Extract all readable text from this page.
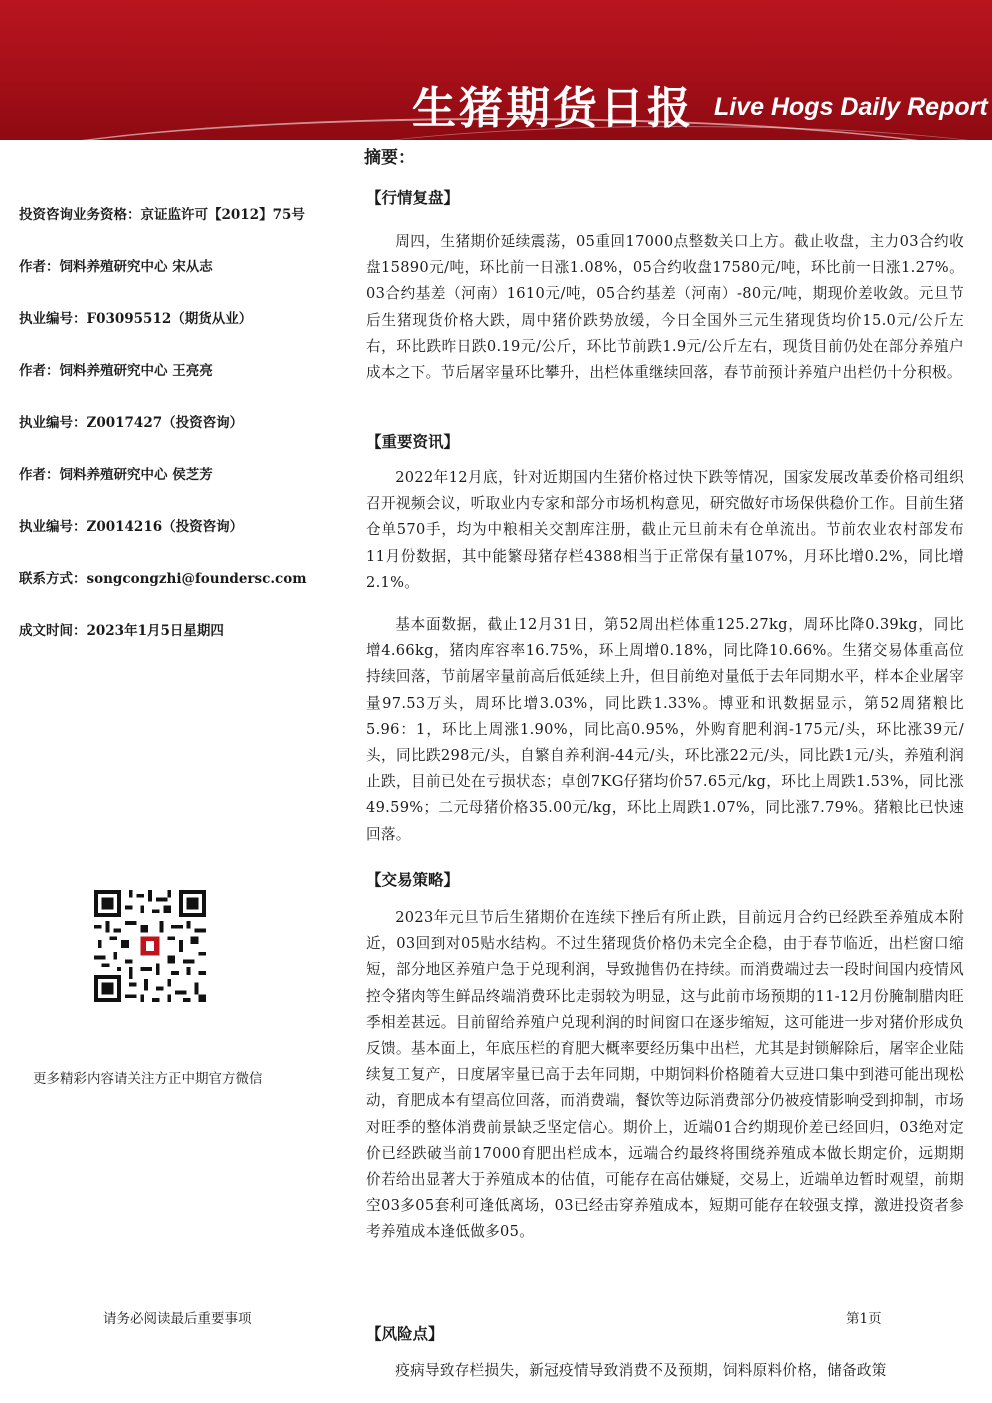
生猪期货日报 Live Hogs Daily Report
投资咨询业务资格：京证监许可【2012】75号
作者：饲料养殖研究中心 宋从志
执业编号：F03095512（期货从业）
作者：饲料养殖研究中心 王亮亮
执业编号：Z0017427（投资咨询）
作者：饲料养殖研究中心 侯芝芳
执业编号：Z0014216（投资咨询）
联系方式：songcongzhi@foundersc.com
成文时间：2023年1月5日星期四
更多精彩内容请关注方正中期官方微信
请务必阅读最后重要事项
摘要：
【行情复盘】
周四，生猪期价延续震荡，05重回17000点整数关口上方。截止收盘，主力03合约收盘15890元/吨，环比前一日涨1.08%，05合约收盘17580元/吨，环比前一日涨1.27%。03合约基差（河南）1610元/吨，05合约基差（河南）-80元/吨，期现价差收敛。元旦节后生猪现货价格大跌，周中猪价跌势放缓，今日全国外三元生猪现货均价15.0元/公斤左右，环比跌昨日跌0.19元/公斤，环比节前跌1.9元/公斤左右，现货目前仍处在部分养殖户成本之下。节后屠宰量环比攀升，出栏体重继续回落，春节前预计养殖户出栏仍十分积极。
【重要资讯】
2022年12月底，针对近期国内生猪价格过快下跌等情况，国家发展改革委价格司组织召开视频会议，听取业内专家和部分市场机构意见，研究做好市场保供稳价工作。目前生猪仓单570手，均为中粮相关交割库注册，截止元旦前未有仓单流出。节前农业农村部发布11月份数据，其中能繁母猪存栏4388相当于正常保有量107%，月环比增0.2%，同比增2.1%。
基本面数据，截止12月31日，第52周出栏体重125.27kg，周环比降0.39kg，同比增4.66kg，猪肉库容率16.75%，环上周增0.18%，同比降10.66%。生猪交易体重高位持续回落，节前屠宰量前高后低延续上升，但目前绝对量低于去年同期水平，样本企业屠宰量97.53万头，周环比增3.03%，同比跌1.33%。博亚和讯数据显示，第52周猪粮比5.96：1，环比上周涨1.90%，同比高0.95%，外购育肥利润-175元/头，环比涨39元/头，同比跌298元/头，自繁自养利润-44元/头，环比涨22元/头，同比跌1元/头，养殖利润止跌，目前已处在亏损状态；卓创7KG仔猪均价57.65元/kg，环比上周跌1.53%，同比涨49.59%；二元母猪价格35.00元/kg，环比上周跌1.07%，同比涨7.79%。猪粮比已快速回落。
【交易策略】
2023年元旦节后生猪期价在连续下挫后有所止跌，目前远月合约已经跌至养殖成本附近，03回到对05贴水结构。不过生猪现货价格仍未完全企稳，由于春节临近，出栏窗口缩短，部分地区养殖户急于兑现利润，导致抛售仍在持续。而消费端过去一段时间国内疫情风控令猪肉等生鲜品终端消费环比走弱较为明显，这与此前市场预期的11-12月份腌制腊肉旺季相差甚远。目前留给养殖户兑现利润的时间窗口在逐步缩短，这可能进一步对猪价形成负反馈。基本面上，年底压栏的育肥大概率要经历集中出栏，尤其是封锁解除后，屠宰企业陆续复工复产，日度屠宰量已高于去年同期，中期饲料价格随着大豆进口集中到港可能出现松动，育肥成本有望高位回落，而消费端，餐饮等边际消费部分仍被疫情影响受到抑制，市场对旺季的整体消费前景缺乏坚定信心。期价上，近端01合约期现价差已经回归，03绝对定价已经跌破当前17000育肥出栏成本，远端合约最终将围绕养殖成本做长期定价，远期期价若给出显著大于养殖成本的估值，可能存在高估嫌疑，交易上，近端单边暂时观望，前期空03多05套利可逢低离场，03已经击穿养殖成本，短期可能存在较强支撑，激进投资者参考养殖成本逢低做多05。
第1页
【风险点】
疫病导致存栏损失，新冠疫情导致消费不及预期，饲料原料价格，储备政策
